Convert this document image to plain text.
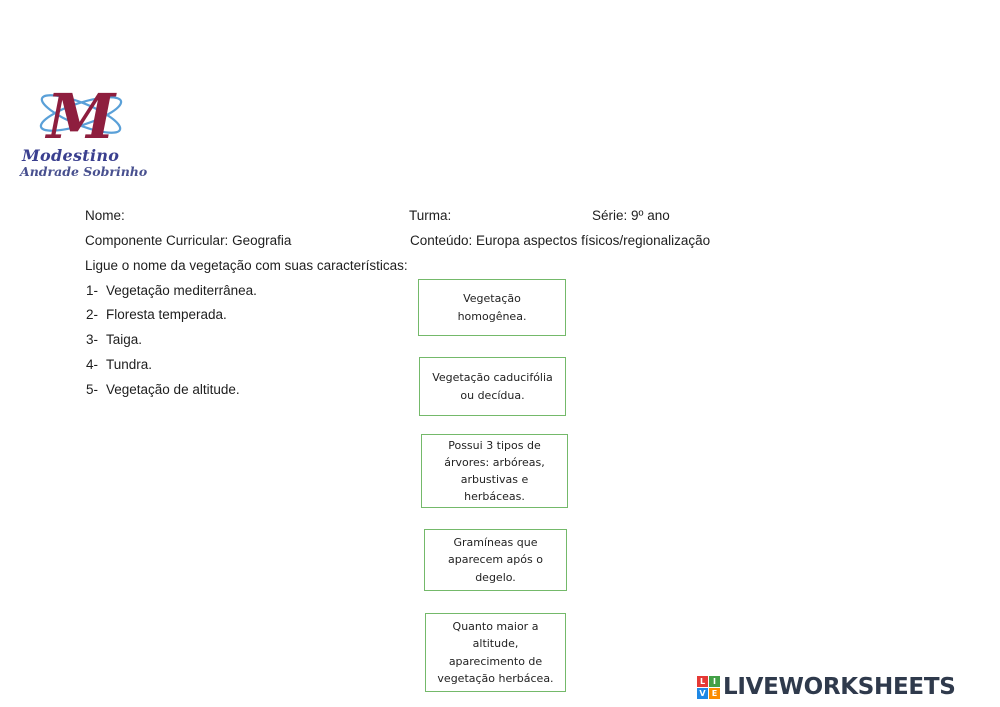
M
Modestino
Andrade Sobrinho
Nome:	Turma:	Série: 9º ano
Componente Curricular: Geografia	Conteúdo: Europa aspectos físicos/regionalização
Ligue o nome da vegetação com suas características:
1- Vegetação mediterrânea.
2- Floresta temperada.
3- Taiga.
4- Tundra.
5- Vegetação de altitude.
Vegetação homogênea.
Vegetação caducifólia ou decídua.
Possui 3 tipos de árvores: arbóreas, arbustivas e herbáceas.
Gramíneas que aparecem após o degelo.
Quanto maior a altitude, aparecimento de vegetação herbácea.	L I
V E LIVEWORKSHEETS
